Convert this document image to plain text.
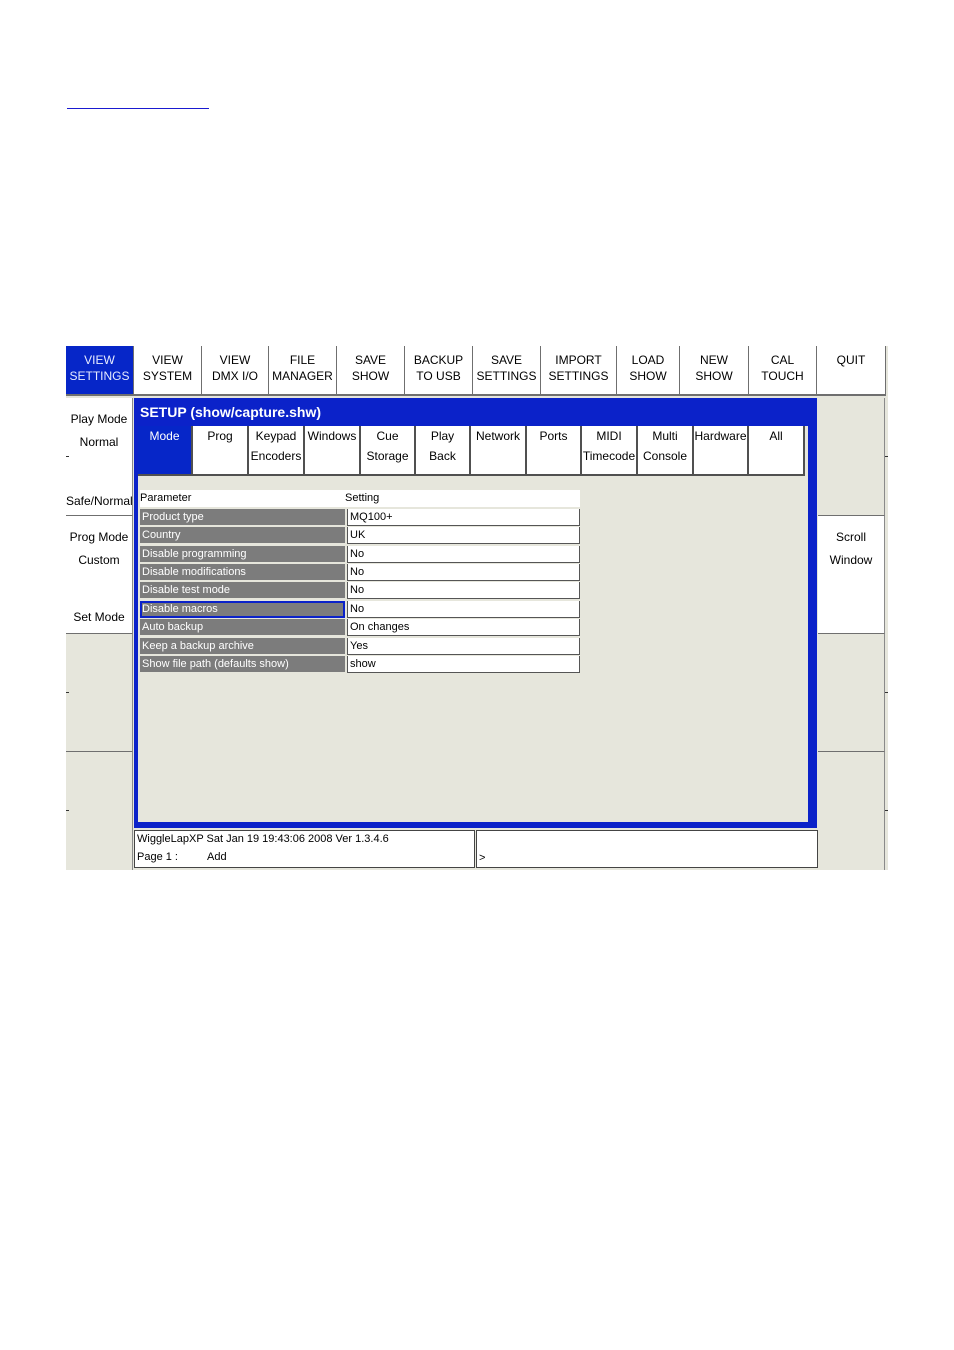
VIEW
SETTINGS
VIEW
SYSTEM
VIEW
DMX I/O
FILE
MANAGER
SAVE
SHOW
BACKUP
TO USB
SAVE
SETTINGS
IMPORT
SETTINGS
LOAD
SHOW
NEW
SHOW
CAL
TOUCH
QUIT
Play Mode
Normal
Safe/Normal
Prog Mode
Custom
Set Mode
Scroll
Window
SETUP (show/capture.shw)
Mode	Prog	Keypad
Encoders
Windows	Cue
Storage
Play
Back
Network	Ports	MIDI
Timecode
Multi
Console
Hardware	All
Parameter	Setting
Product type	MQ100+
Country	UK
Disable programming	No
Disable modifications	No
Disable test mode	No
Disable macros	No
Auto backup	On changes
Keep a backup archive	Yes
Show file path (defaults show)	show
WiggleLapXP Sat Jan 19 19:43:06 2008 Ver 1.3.4.6
Page 1 :	Add	>
